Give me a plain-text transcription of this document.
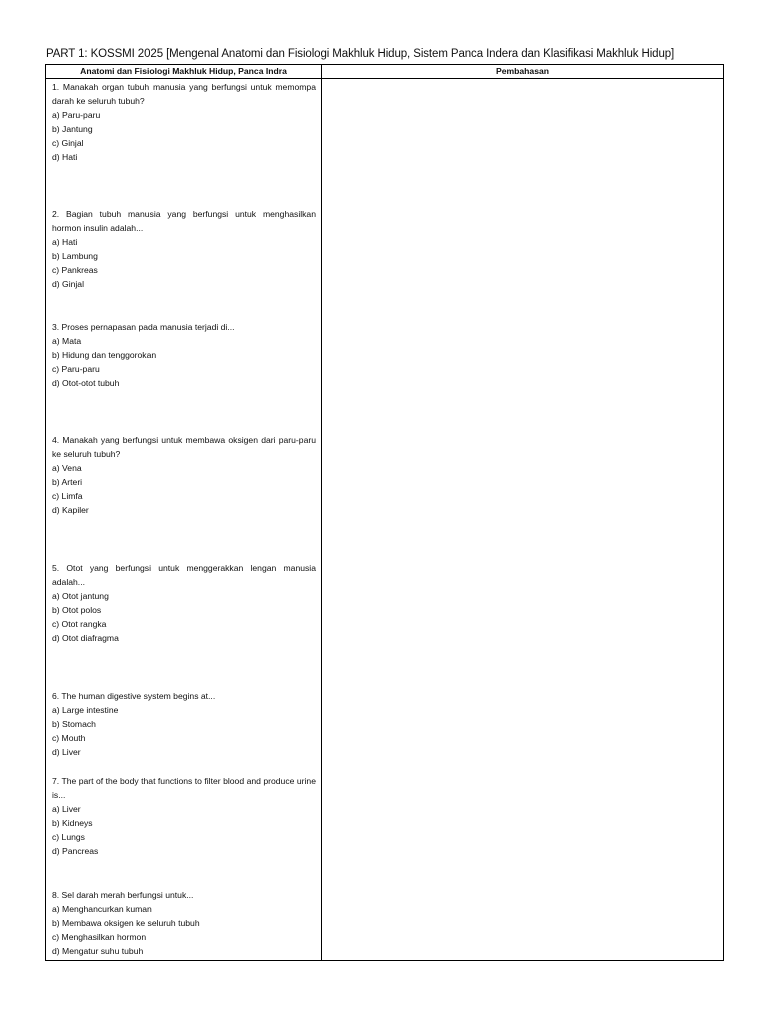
PART 1: KOSSMI 2025 [Mengenal Anatomi dan Fisiologi Makhluk Hidup, Sistem Panca Indera dan Klasifikasi Makhluk Hidup]
Anatomi dan Fisiologi Makhluk Hidup, Panca Indra	Pembahasan
1. Manakah organ tubuh manusia yang berfungsi untuk memompa darah ke seluruh tubuh?
a) Paru-paru
b) Jantung
c) Ginjal
d) Hati
2. Bagian tubuh manusia yang berfungsi untuk menghasilkan hormon insulin adalah...
a) Hati
b) Lambung
c) Pankreas
d) Ginjal
3. Proses pernapasan pada manusia terjadi di...
a) Mata
b) Hidung dan tenggorokan
c) Paru-paru
d) Otot-otot tubuh
4. Manakah yang berfungsi untuk membawa oksigen dari paru-paru ke seluruh tubuh?
a) Vena
b) Arteri
c) Limfa
d) Kapiler
5. Otot yang berfungsi untuk menggerakkan lengan manusia adalah...
a) Otot jantung
b) Otot polos
c) Otot rangka
d) Otot diafragma
6. The human digestive system begins at...
a) Large intestine
b) Stomach
c) Mouth
d) Liver
7. The part of the body that functions to filter blood and produce urine is...
a) Liver
b) Kidneys
c) Lungs
d) Pancreas
8. Sel darah merah berfungsi untuk...
a) Menghancurkan kuman
b) Membawa oksigen ke seluruh tubuh
c) Menghasilkan hormon
d) Mengatur suhu tubuh
